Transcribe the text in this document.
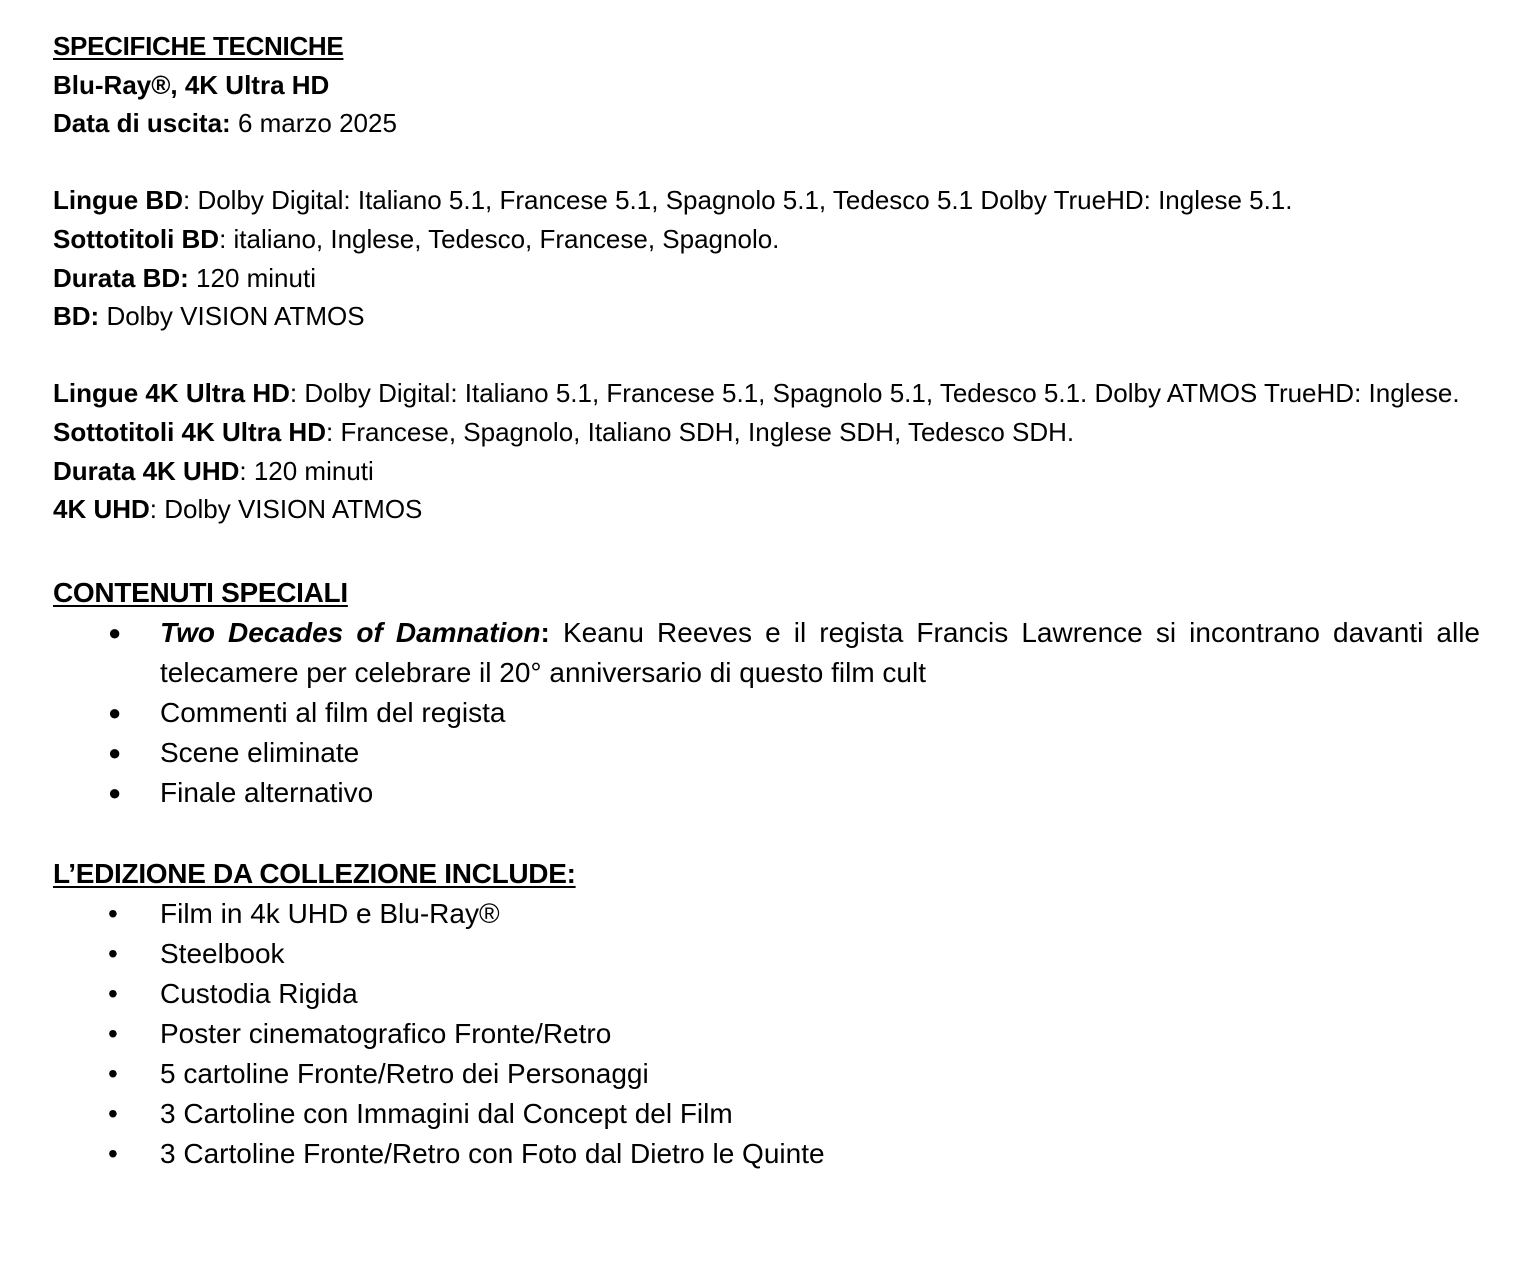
SPECIFICHE TECNICHE
Blu-Ray®, 4K Ultra HD
Data di uscita: 6 marzo 2025
Lingue BD: Dolby Digital: Italiano 5.1, Francese 5.1, Spagnolo 5.1, Tedesco 5.1 Dolby TrueHD: Inglese 5.1.
Sottotitoli BD: italiano, Inglese, Tedesco, Francese, Spagnolo.
Durata BD: 120 minuti
BD: Dolby VISION ATMOS
Lingue 4K Ultra HD: Dolby Digital: Italiano 5.1, Francese 5.1, Spagnolo 5.1, Tedesco 5.1. Dolby ATMOS TrueHD: Inglese.
Sottotitoli 4K Ultra HD: Francese, Spagnolo, Italiano SDH, Inglese SDH, Tedesco SDH.
Durata 4K UHD: 120 minuti
4K UHD: Dolby VISION ATMOS
CONTENUTI SPECIALI
● Two Decades of Damnation: Keanu Reeves e il regista Francis Lawrence si incontrano davanti alle telecamere per celebrare il 20° anniversario di questo film cult
● Commenti al film del regista
● Scene eliminate
● Finale alternativo
L’EDIZIONE DA COLLEZIONE INCLUDE:
• Film in 4k UHD e Blu-Ray®
• Steelbook
• Custodia Rigida
• Poster cinematografico Fronte/Retro
• 5 cartoline Fronte/Retro dei Personaggi
• 3 Cartoline con Immagini dal Concept del Film
• 3 Cartoline Fronte/Retro con Foto dal Dietro le Quinte
